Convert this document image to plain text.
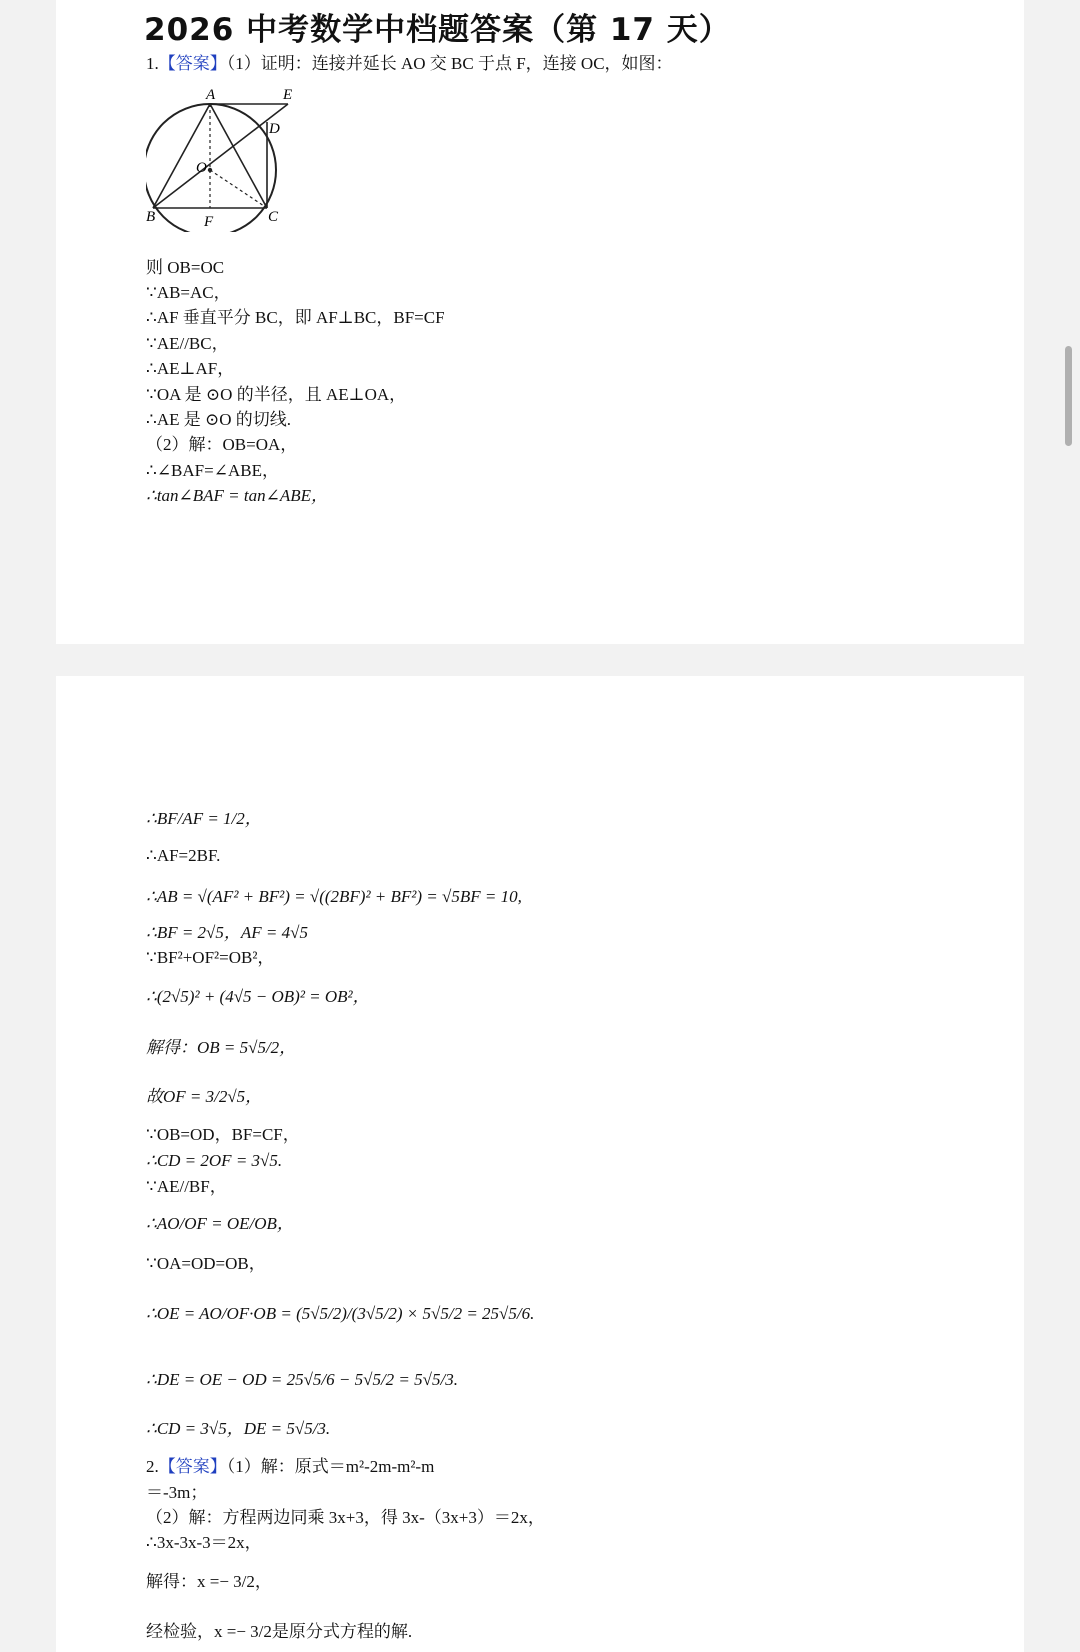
2026 中考数学中档题答案（第 17 天）
1.【答案】（1）证明：连接并延长 AO 交 BC 于点 F，连接 OC，如图：
A	E
D
O
B	F	C
则 OB=OC
∵AB=AC，
∴AF 垂直平分 BC，即 AF⊥BC，BF=CF
∵AE//BC，
∴AE⊥AF，
∵OA 是 ⊙O 的半径，且 AE⊥OA，
∴AE 是 ⊙O 的切线.
（2）解：OB=OA，
∴∠BAF=∠ABE，
∴tan∠BAF = tan∠ABE，
∴BF/AF = 1/2，
∴AF=2BF.
∴AB = √(AF² + BF²) = √((2BF)² + BF²) = √5BF = 10,
∴BF = 2√5，AF = 4√5
∵BF²+OF²=OB²，
∴(2√5)² + (4√5 − OB)² = OB²，
解得：OB = 5√5/2，
故OF = 3/2√5，
∵OB=OD，BF=CF，
∴CD = 2OF = 3√5.
∵AE//BF，
∴AO/OF = OE/OB，
∵OA=OD=OB，
∴OE = AO/OF·OB = (5√5/2)/(3√5/2) × 5√5/2 = 25√5/6.
∴DE = OE − OD = 25√5/6 − 5√5/2 = 5√5/3.
∴CD = 3√5，DE = 5√5/3.
2.【答案】（1）解：原式＝m²-2m-m²-m
＝-3m；
（2）解：方程两边同乘 3x+3，得 3x-（3x+3）＝2x，
∴3x-3x-3＝2x，
解得：x =− 3/2，
经检验，x =− 3/2是原分式方程的解.
